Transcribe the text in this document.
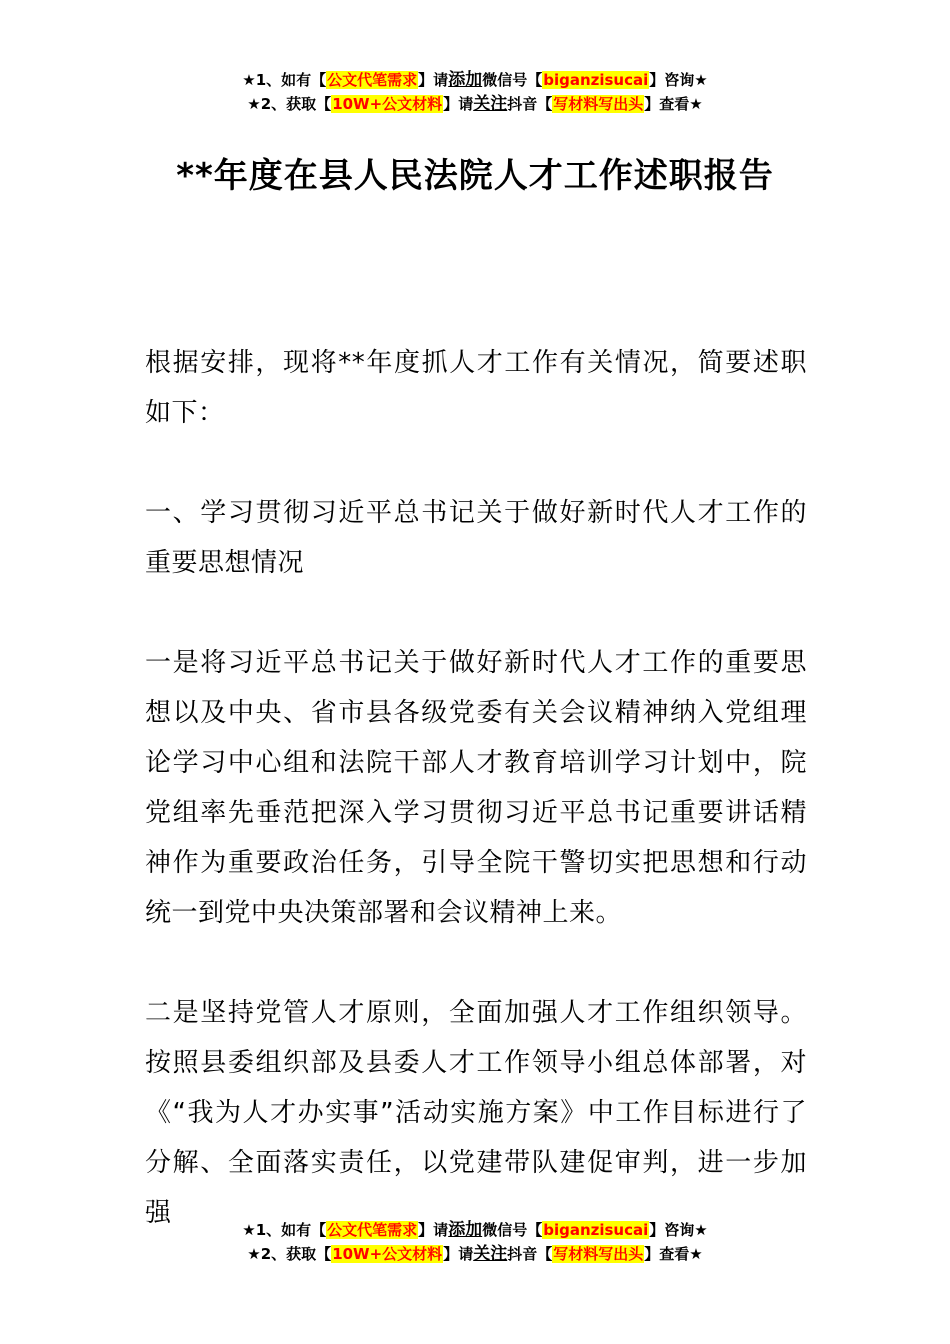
★1、如有【公文代笔需求】请添加微信号【biganzisucai】咨询★
★2、获取【10W+公文材料】请关注抖音【写材料写出头】查看★
**年度在县人民法院人才工作述职报告

根据安排，现将**年度抓人才工作有关情况，简要述职如下：

一、学习贯彻习近平总书记关于做好新时代人才工作的重要思想情况

一是将习近平总书记关于做好新时代人才工作的重要思想以及中央、省市县各级党委有关会议精神纳入党组理论学习中心组和法院干部人才教育培训学习计划中，院党组率先垂范把深入学习贯彻习近平总书记重要讲话精神作为重要政治任务，引导全院干警切实把思想和行动统一到党中央决策部署和会议精神上来。

二是坚持党管人才原则，全面加强人才工作组织领导。按照县委组织部及县委人才工作领导小组总体部署，对《“我为人才办实事”活动实施方案》中工作目标进行了分解、全面落实责任，以党建带队建促审判，进一步加强

★1、如有【公文代笔需求】请添加微信号【biganzisucai】咨询★
★2、获取【10W+公文材料】请关注抖音【写材料写出头】查看★
